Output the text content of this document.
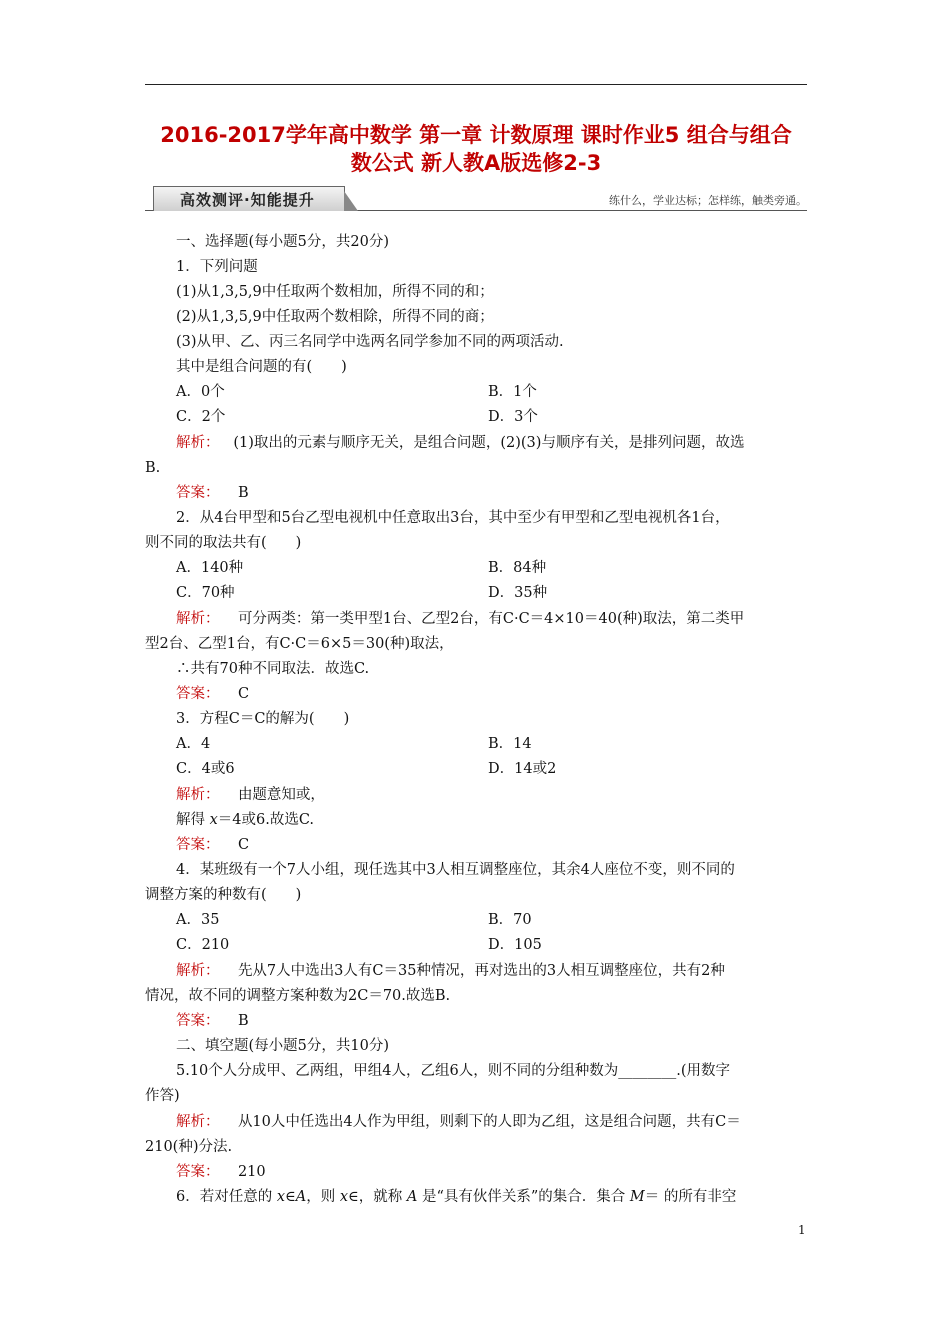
2016-2017学年高中数学 第一章 计数原理 课时作业5 组合与组合
数公式 新人教A版选修2-3
高效测评·知能提升	练什么，学业达标；怎样练，触类旁通。
一、选择题(每小题5分，共20分)
1．下列问题
(1)从1,3,5,9中任取两个数相加，所得不同的和；
(2)从1,3,5,9中任取两个数相除，所得不同的商；
(3)从甲、乙、丙三名同学中选两名同学参加不同的两项活动.
其中是组合问题的有(　　)
A．0个	B．1个
C．2个	D．3个
解析： (1)取出的元素与顺序无关，是组合问题，(2)(3)与顺序有关，是排列问题，故选
B.
答案： B
2．从4台甲型和5台乙型电视机中任意取出3台，其中至少有甲型和乙型电视机各1台，
则不同的取法共有(　　)
A．140种	B．84种
C．70种	D．35种
解析： 可分两类：第一类甲型1台、乙型2台，有C·C＝4×10＝40(种)取法，第二类甲
型2台、乙型1台，有C·C＝6×5＝30(种)取法，
∴共有70种不同取法．故选C.
答案： C
3．方程C＝C的解为(　　)
A．4	B．14
C．4或6	D．14或2
解析： 由题意知或，
解得 x＝4或6.故选C.
答案： C
4．某班级有一个7人小组，现任选其中3人相互调整座位，其余4人座位不变，则不同的
调整方案的种数有(　　)
A．35	B．70
C．210	D．105
解析： 先从7人中选出3人有C＝35种情况，再对选出的3人相互调整座位，共有2种
情况，故不同的调整方案种数为2C＝70.故选B.
答案： B
二、填空题(每小题5分，共10分)
5.10个人分成甲、乙两组，甲组4人，乙组6人，则不同的分组种数为________.(用数字
作答)
解析： 从10人中任选出4人作为甲组，则剩下的人即为乙组，这是组合问题，共有C＝
210(种)分法.
答案： 210
6．若对任意的 x∈A，则 x∈，就称 A 是“具有伙伴关系”的集合．集合 M＝ 的所有非空
1
